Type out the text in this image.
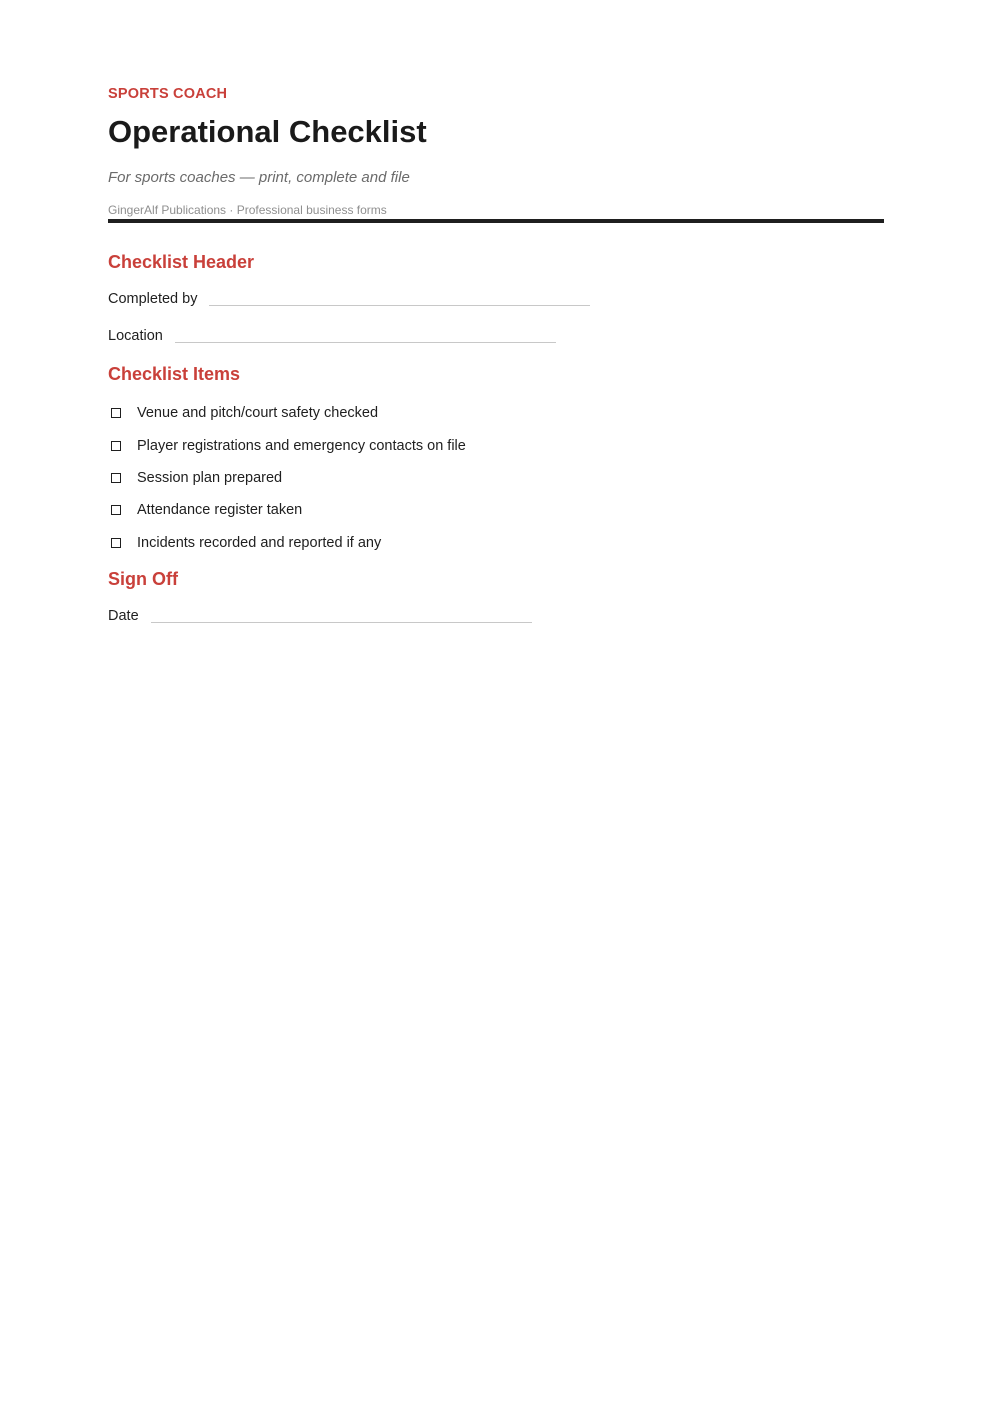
SPORTS COACH
Operational Checklist
For sports coaches — print, complete and file
GingerAlf Publications · Professional business forms
Checklist Header
Completed by
Location
Checklist Items
Venue and pitch/court safety checked
Player registrations and emergency contacts on file
Session plan prepared
Attendance register taken
Incidents recorded and reported if any
Sign Off
Date
